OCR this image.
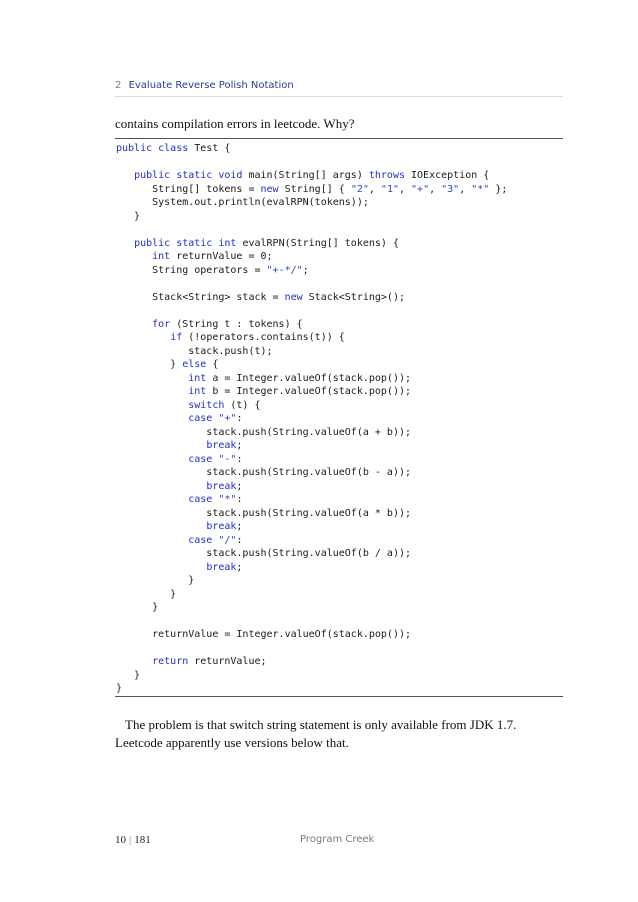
2 Evaluate Reverse Polish Notation
contains compilation errors in leetcode. Why?
public class Test {

public static void main(String[] args) throws IOException {
String[] tokens = new String[] { "2", "1", "+", "3", "*" };
System.out.println(evalRPN(tokens));
}

public static int evalRPN(String[] tokens) {
int returnValue = 0;
String operators = "+-*/";

Stack<String> stack = new Stack<String>();

for (String t : tokens) {
if (!operators.contains(t)) {
stack.push(t);
} else {
int a = Integer.valueOf(stack.pop());
int b = Integer.valueOf(stack.pop());
switch (t) {
case "+":
stack.push(String.valueOf(a + b));
break;
case "-":
stack.push(String.valueOf(b - a));
break;
case "*":
stack.push(String.valueOf(a * b));
break;
case "/":
stack.push(String.valueOf(b / a));
break;
}
}
}

returnValue = Integer.valueOf(stack.pop());

return returnValue;
}
}
The problem is that switch string statement is only available from JDK 1.7. Leetcode apparently use versions below that.
10 | 181	Program Creek
